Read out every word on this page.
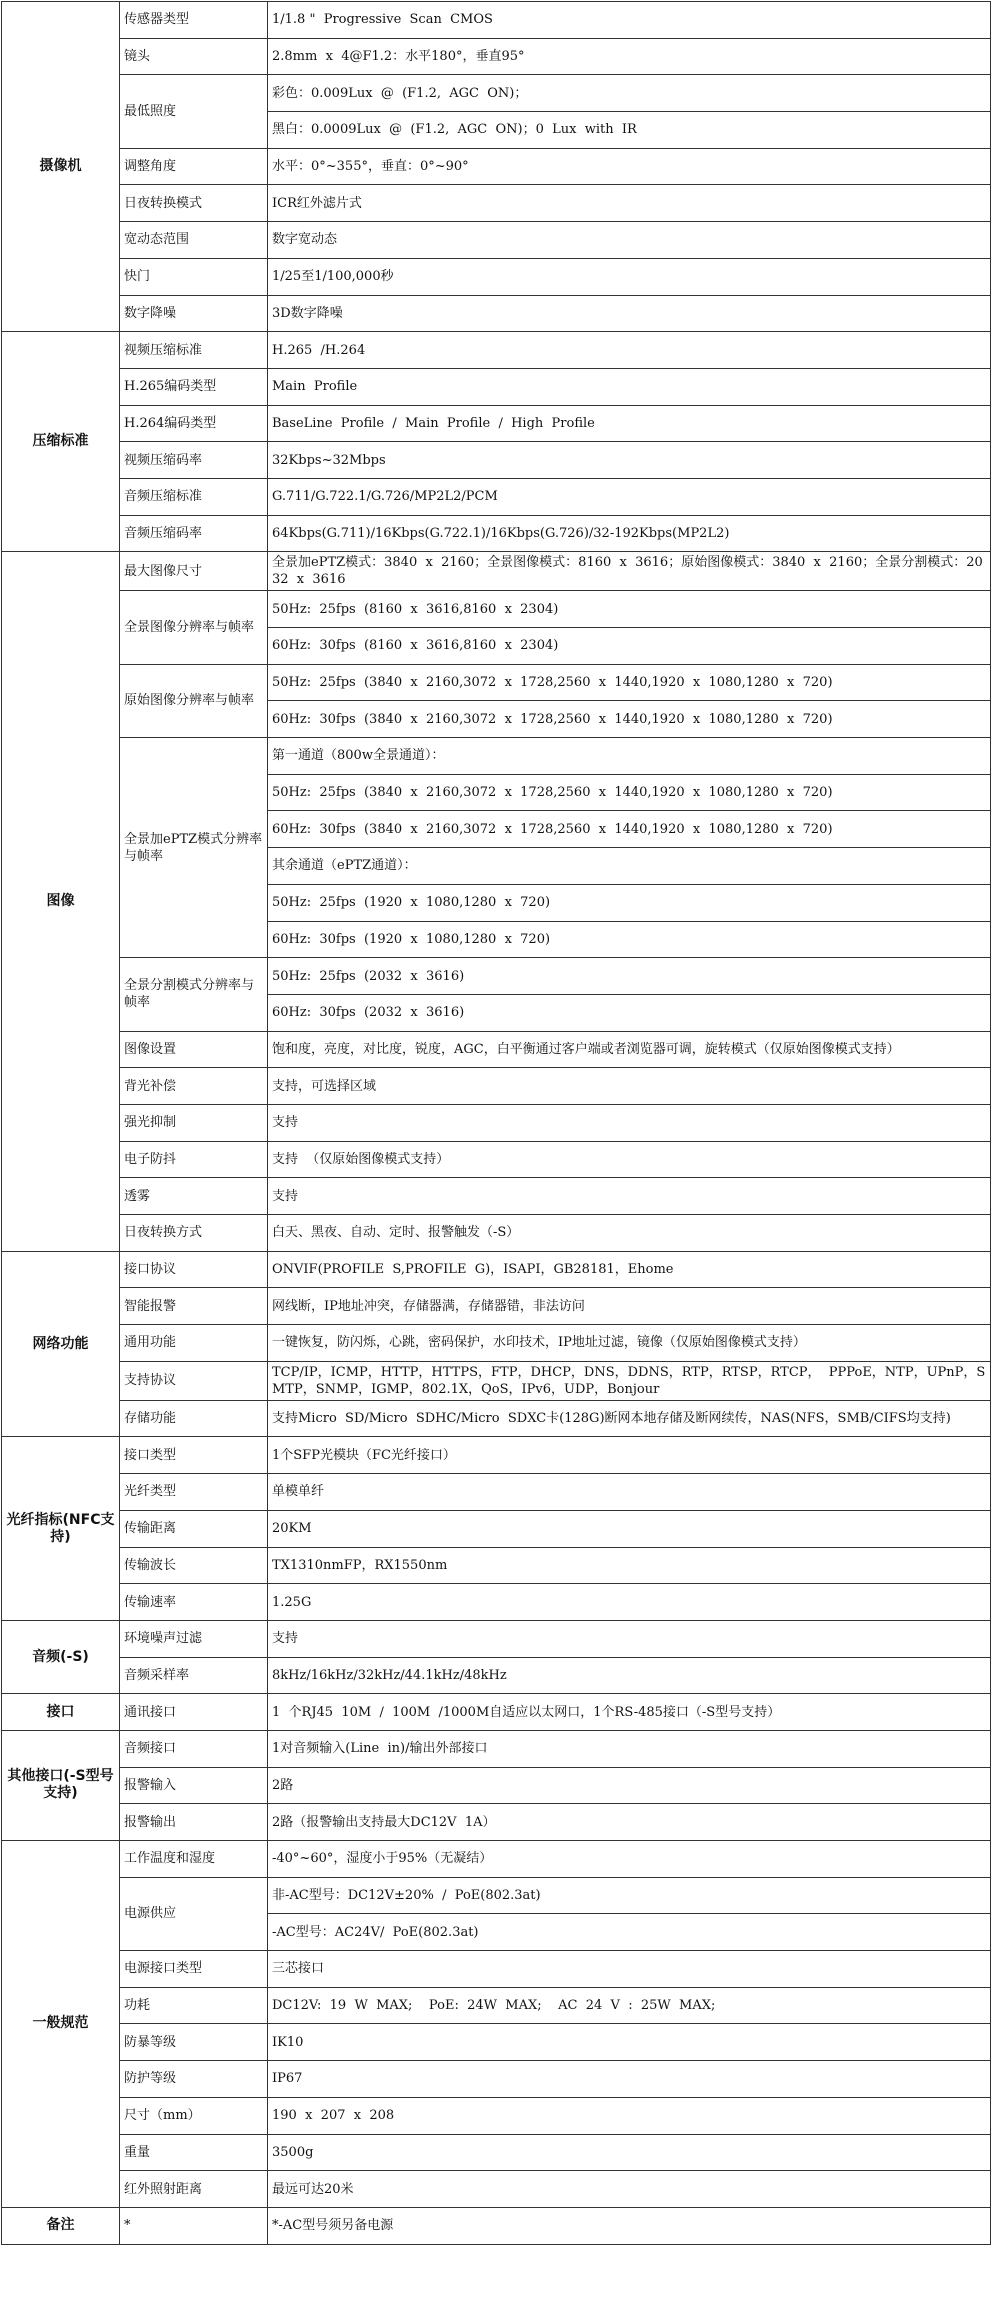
摄像机	传感器类型	1/1.8 "  Progressive  Scan  CMOS
	镜头	2.8mm  x  4@F1.2：水平180°，垂直95°
	最低照度	彩色：0.009Lux  @  (F1.2,  AGC  ON)；
		黑白：0.0009Lux  @  (F1.2,  AGC  ON)；0  Lux  with  IR
	调整角度	水平：0°~355°，垂直：0°~90°
	日夜转换模式	ICR红外滤片式
	宽动态范围	数字宽动态
	快门	1/25至1/100,000秒
	数字降噪	3D数字降噪
压缩标准	视频压缩标准	H.265  /H.264
	H.265编码类型	Main  Profile
	H.264编码类型	BaseLine  Profile  /  Main  Profile  /  High  Profile
	视频压缩码率	32Kbps~32Mbps
	音频压缩标准	G.711/G.722.1/G.726/MP2L2/PCM
	音频压缩码率	64Kbps(G.711)/16Kbps(G.722.1)/16Kbps(G.726)/32-192Kbps(MP2L2)
图像	最大图像尺寸	全景加ePTZ模式：3840  x  2160；全景图像模式：8160  x  3616；原始图像模式：3840  x  2160；全景分割模式：2032  x  3616
	全景图像分辨率与帧率	50Hz:  25fps  (8160  x  3616,8160  x  2304)
		60Hz:  30fps  (8160  x  3616,8160  x  2304)
	原始图像分辨率与帧率	50Hz:  25fps  (3840  x  2160,3072  x  1728,2560  x  1440,1920  x  1080,1280  x  720)
		60Hz:  30fps  (3840  x  2160,3072  x  1728,2560  x  1440,1920  x  1080,1280  x  720)
	全景加ePTZ模式分辨率与帧率	第一通道（800w全景通道）：
		50Hz:  25fps  (3840  x  2160,3072  x  1728,2560  x  1440,1920  x  1080,1280  x  720)
		60Hz:  30fps  (3840  x  2160,3072  x  1728,2560  x  1440,1920  x  1080,1280  x  720)
		其余通道（ePTZ通道）：
		50Hz:  25fps  (1920  x  1080,1280  x  720)
		60Hz:  30fps  (1920  x  1080,1280  x  720)
	全景分割模式分辨率与帧率	50Hz:  25fps  (2032  x  3616)
		60Hz:  30fps  (2032  x  3616)
	图像设置	饱和度，亮度，对比度，锐度，AGC，白平衡通过客户端或者浏览器可调，旋转模式（仅原始图像模式支持）
	背光补偿	支持，可选择区域
	强光抑制	支持
	电子防抖	支持  （仅原始图像模式支持）
	透雾	支持
	日夜转换方式	白天、黑夜、自动、定时、报警触发（-S）
网络功能	接口协议	ONVIF(PROFILE  S,PROFILE  G)，ISAPI，GB28181，Ehome
	智能报警	网线断，IP地址冲突，存储器满，存储器错，非法访问
	通用功能	一键恢复，防闪烁，心跳，密码保护，水印技术，IP地址过滤，镜像（仅原始图像模式支持）
	支持协议	TCP/IP，ICMP，HTTP，HTTPS，FTP，DHCP，DNS，DDNS，RTP，RTSP，RTCP，  PPPoE，NTP，UPnP，SMTP，SNMP，IGMP，802.1X，QoS，IPv6，UDP，Bonjour
	存储功能	支持Micro  SD/Micro  SDHC/Micro  SDXC卡(128G)断网本地存储及断网续传，NAS(NFS，SMB/CIFS均支持)
光纤指标(NFC支持)	接口类型	1个SFP光模块（FC光纤接口）
	光纤类型	单模单纤
	传输距离	20KM
	传输波长	TX1310nmFP，RX1550nm
	传输速率	1.25G
音频(-S)	环境噪声过滤	支持
	音频采样率	8kHz/16kHz/32kHz/44.1kHz/48kHz
接口	通讯接口	1  个RJ45  10M  /  100M  /1000M自适应以太网口，1个RS-485接口（-S型号支持）
其他接口(-S型号支持)	音频接口	1对音频输入(Line  in)/输出外部接口
	报警输入	2路
	报警输出	2路（报警输出支持最大DC12V  1A）
一般规范	工作温度和湿度	-40°~60°，湿度小于95%（无凝结）
	电源供应	非-AC型号：DC12V±20%  /  PoE(802.3at)
		-AC型号：AC24V/  PoE(802.3at)
	电源接口类型	三芯接口
	功耗	DC12V:  19  W  MAX;    PoE:  24W  MAX;    AC  24  V  :  25W  MAX;
	防暴等级	IK10
	防护等级	IP67
	尺寸（mm）	190  x  207  x  208
	重量	3500g
	红外照射距离	最远可达20米
备注	*	*-AC型号须另备电源
